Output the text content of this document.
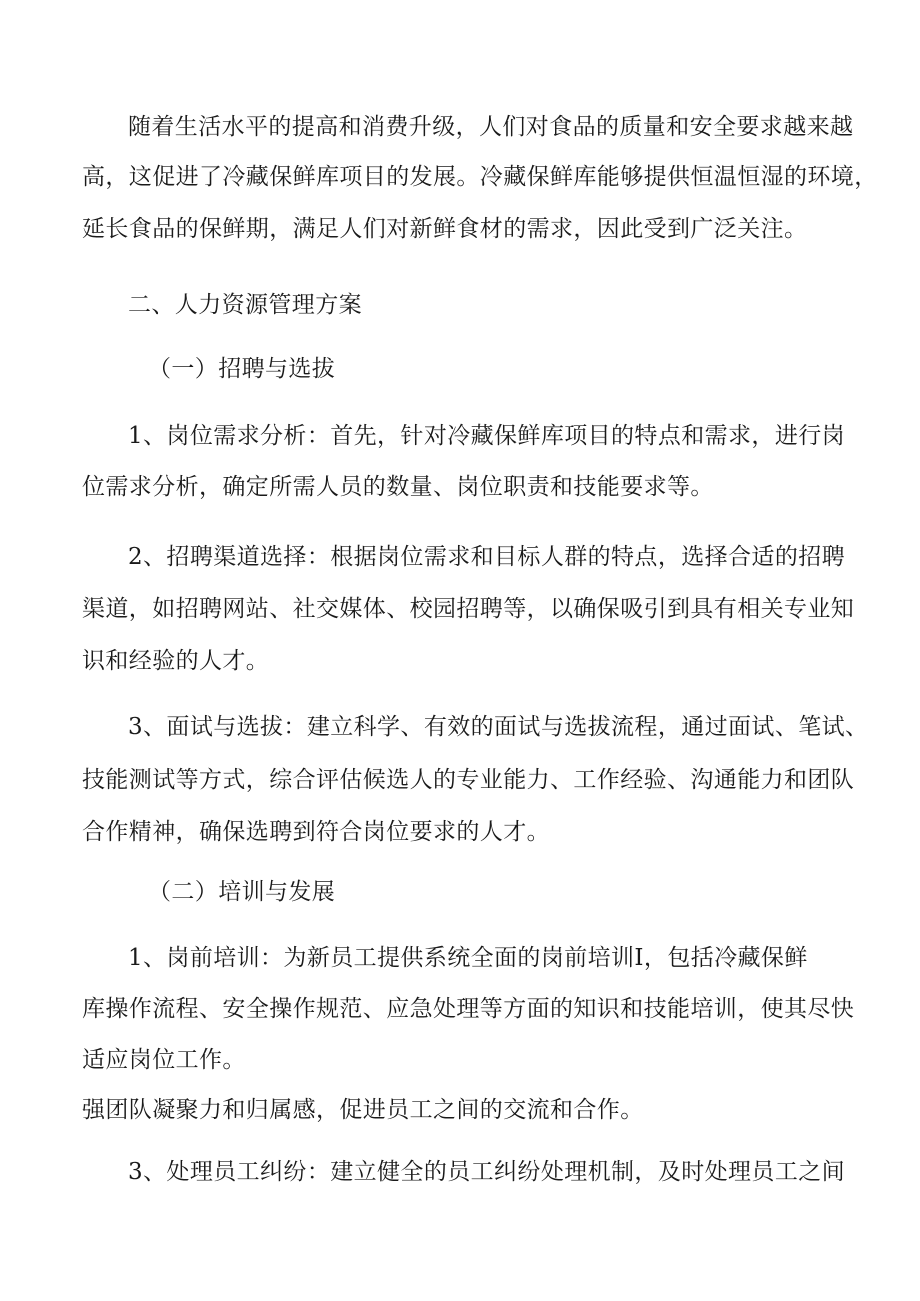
随着生活水平的提高和消费升级，人们对食品的质量和安全要求越来越
高，这促进了冷藏保鲜库项目的发展。冷藏保鲜库能够提供恒温恒湿的环境，
延长食品的保鲜期，满足人们对新鲜食材的需求，因此受到广泛关注。
二、人力资源管理方案
（一）招聘与选拔
1、岗位需求分析：首先，针对冷藏保鲜库项目的特点和需求，进行岗
位需求分析，确定所需人员的数量、岗位职责和技能要求等。
2、招聘渠道选择：根据岗位需求和目标人群的特点，选择合适的招聘
渠道，如招聘网站、社交媒体、校园招聘等，以确保吸引到具有相关专业知
识和经验的人才。
3、面试与选拔：建立科学、有效的面试与选拔流程，通过面试、笔试、
技能测试等方式，综合评估候选人的专业能力、工作经验、沟通能力和团队
合作精神，确保选聘到符合岗位要求的人才。
（二）培训与发展
1、岗前培训：为新员工提供系统全面的岗前培训I，包括冷藏保鲜
库操作流程、安全操作规范、应急处理等方面的知识和技能培训，使其尽快
适应岗位工作。
强团队凝聚力和归属感，促进员工之间的交流和合作。
3、处理员工纠纷：建立健全的员工纠纷处理机制，及时处理员工之间
